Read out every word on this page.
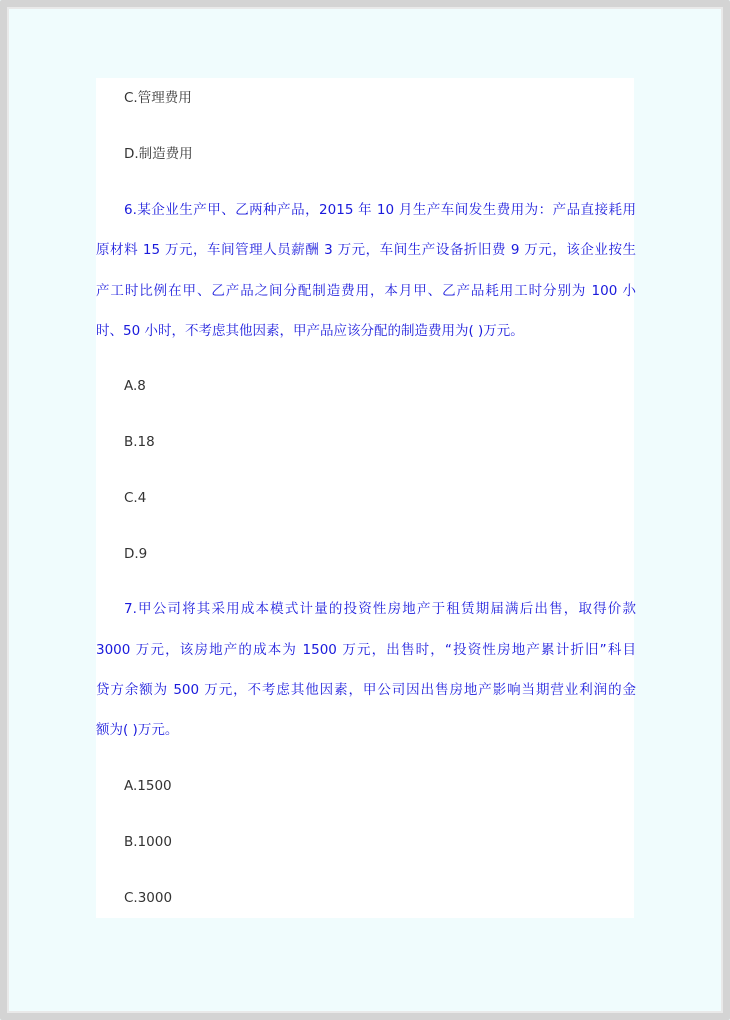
C.管理费用
D.制造费用
6.某企业生产甲、乙两种产品，2015 年 10 月生产车间发生费用为：产品直接耗用
原材料 15 万元，车间管理人员薪酬 3 万元，车间生产设备折旧费 9 万元，该企业按生
产工时比例在甲、乙产品之间分配制造费用，本月甲、乙产品耗用工时分别为 100 小
时、50 小时，不考虑其他因素，甲产品应该分配的制造费用为( )万元。
A.8
B.18
C.4
D.9
7.甲公司将其采用成本模式计量的投资性房地产于租赁期届满后出售，取得价款
3000 万元，该房地产的成本为 1500 万元，出售时，“投资性房地产累计折旧”科目
贷方余额为 500 万元，不考虑其他因素，甲公司因出售房地产影响当期营业利润的金
额为( )万元。
A.1500
B.1000
C.3000
